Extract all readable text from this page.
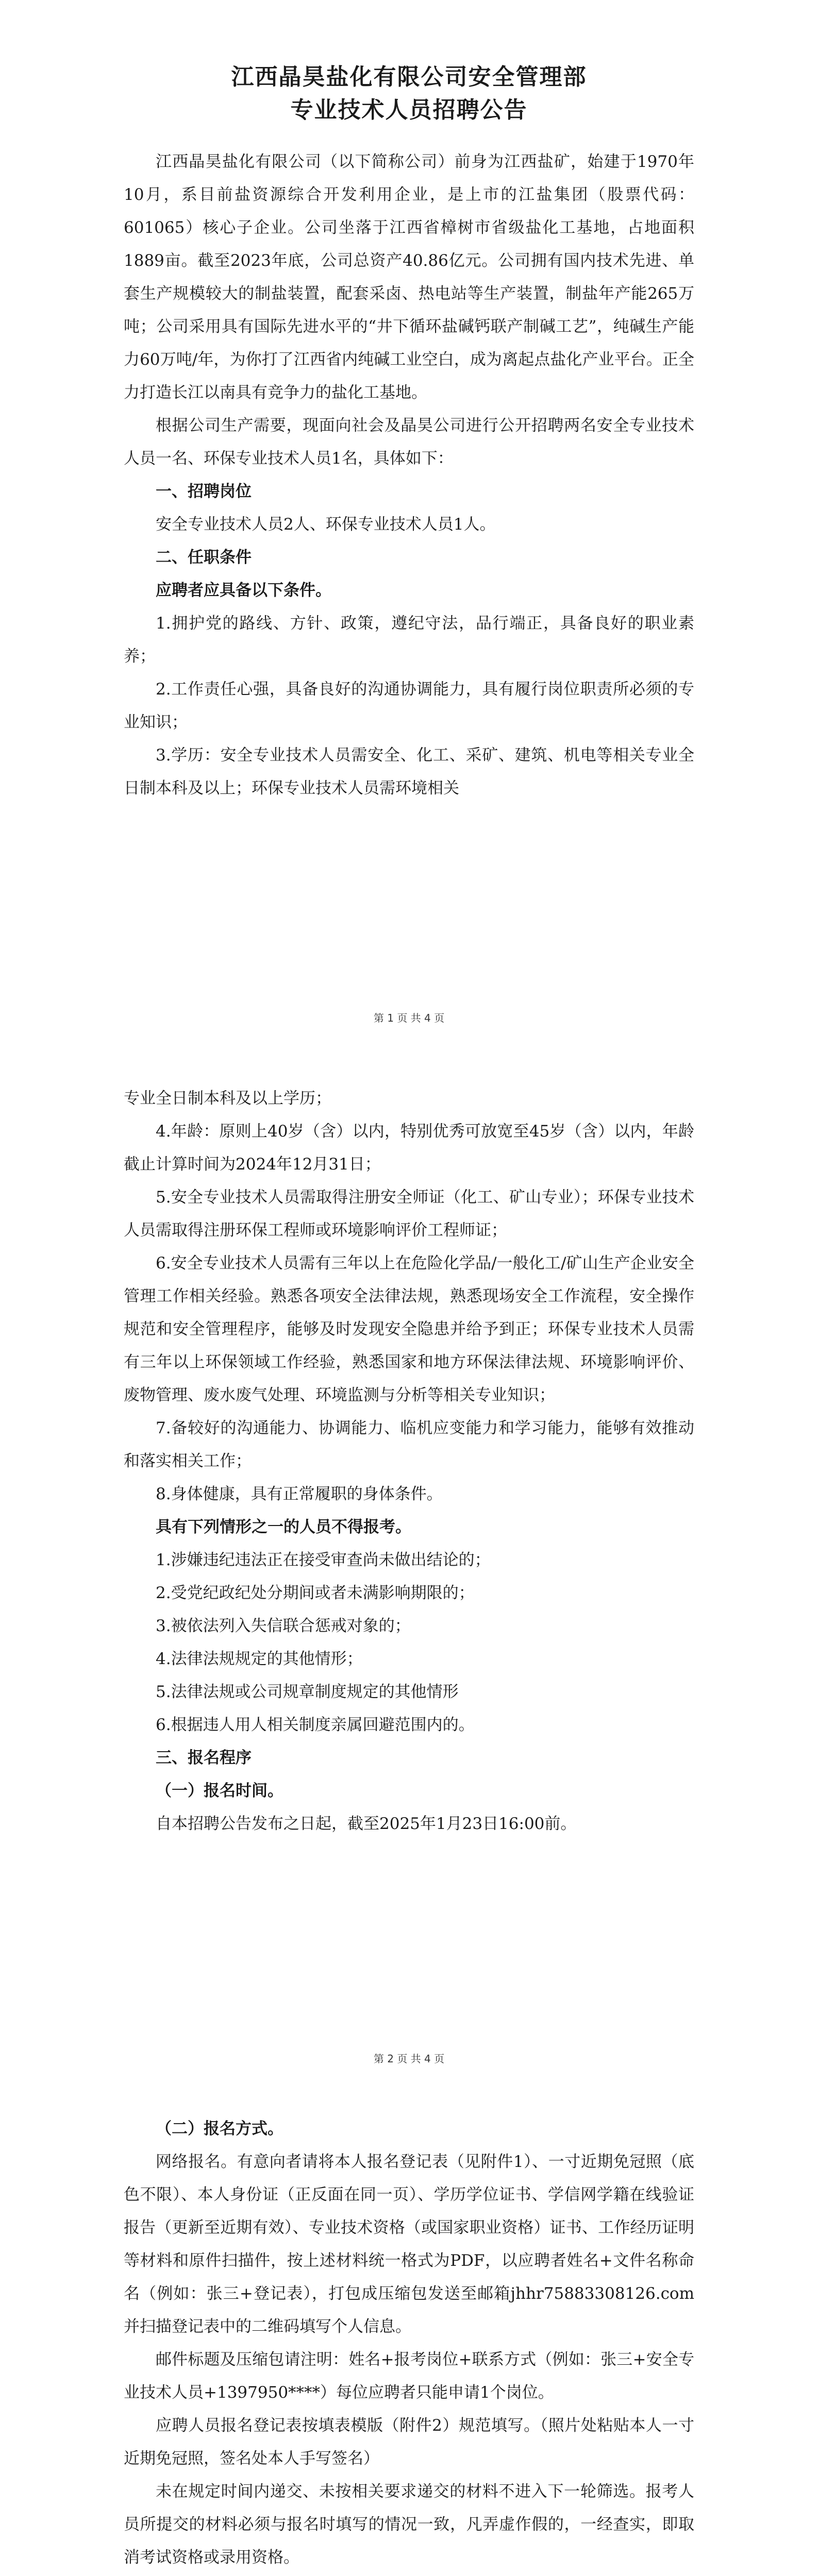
江西晶昊盐化有限公司安全管理部
专业技术人员招聘公告

江西晶昊盐化有限公司（以下简称公司）前身为江西盐矿，始建于1970年10月，系目前盐资源综合开发利用企业，是上市的江盐集团（股票代码：601065）核心子企业。公司坐落于江西省樟树市省级盐化工基地，占地面积1889亩。截至2023年底，公司总资产40.86亿元。公司拥有国内技术先进、单套生产规模较大的制盐装置，配套采卤、热电站等生产装置，制盐年产能265万吨；公司采用具有国际先进水平的“井下循环盐碱钙联产制碱工艺”，纯碱生产能力60万吨/年，为你打了江西省内纯碱工业空白，成为离起点盐化产业平台。正全力打造长江以南具有竞争力的盐化工基地。

根据公司生产需要，现面向社会及晶昊公司进行公开招聘两名安全专业技术人员一名、环保专业技术人员1名，具体如下：

一、招聘岗位

安全专业技术人员2人、环保专业技术人员1人。

二、任职条件

应聘者应具备以下条件。

1.拥护党的路线、方针、政策，遵纪守法，品行端正，具备良好的职业素养；

2.工作责任心强，具备良好的沟通协调能力，具有履行岗位职责所必须的专业知识；

3.学历：安全专业技术人员需安全、化工、采矿、建筑、机电等相关专业全日制本科及以上；环保专业技术人员需环境相关

第 1 页 共 4 页

专业全日制本科及以上学历；

4.年龄：原则上40岁（含）以内，特别优秀可放宽至45岁（含）以内，年龄截止计算时间为2024年12月31日；

5.安全专业技术人员需取得注册安全师证（化工、矿山专业）；环保专业技术人员需取得注册环保工程师或环境影响评价工程师证；

6.安全专业技术人员需有三年以上在危险化学品/一般化工/矿山生产企业安全管理工作相关经验。熟悉各项安全法律法规，熟悉现场安全工作流程，安全操作规范和安全管理程序，能够及时发现安全隐患并给予到正；环保专业技术人员需有三年以上环保领域工作经验，熟悉国家和地方环保法律法规、环境影响评价、废物管理、废水废气处理、环境监测与分析等相关专业知识；

7.备较好的沟通能力、协调能力、临机应变能力和学习能力，能够有效推动和落实相关工作；

8.身体健康，具有正常履职的身体条件。

具有下列情形之一的人员不得报考。

1.涉嫌违纪违法正在接受审查尚未做出结论的；

2.受党纪政纪处分期间或者未满影响期限的；

3.被依法列入失信联合惩戒对象的；

4.法律法规规定的其他情形；

5.法律法规或公司规章制度规定的其他情形

6.根据违人用人相关制度亲属回避范围内的。

三、报名程序

（一）报名时间。

自本招聘公告发布之日起，截至2025年1月23日16:00前。

第 2 页 共 4 页

（二）报名方式。

网络报名。有意向者请将本人报名登记表（见附件1）、一寸近期免冠照（底色不限）、本人身份证（正反面在同一页）、学历学位证书、学信网学籍在线验证报告（更新至近期有效）、专业技术资格（或国家职业资格）证书、工作经历证明等材料和原件扫描件，按上述材料统一格式为PDF，以应聘者姓名+文件名称命名（例如：张三+登记表），打包成压缩包发送至邮箱jhhr75883308126.com并扫描登记表中的二维码填写个人信息。

邮件标题及压缩包请注明：姓名+报考岗位+联系方式（例如：张三+安全专业技术人员+1397950****）每位应聘者只能申请1个岗位。

应聘人员报名登记表按填表模版（附件2）规范填写。（照片处粘贴本人一寸近期免冠照，签名处本人手写签名）

未在规定时间内递交、未按相关要求递交的材料不进入下一轮筛选。报考人员所提交的材料必须与报名时填写的情况一致，凡弄虚作假的，一经查实，即取消考试资格或录用资格。
